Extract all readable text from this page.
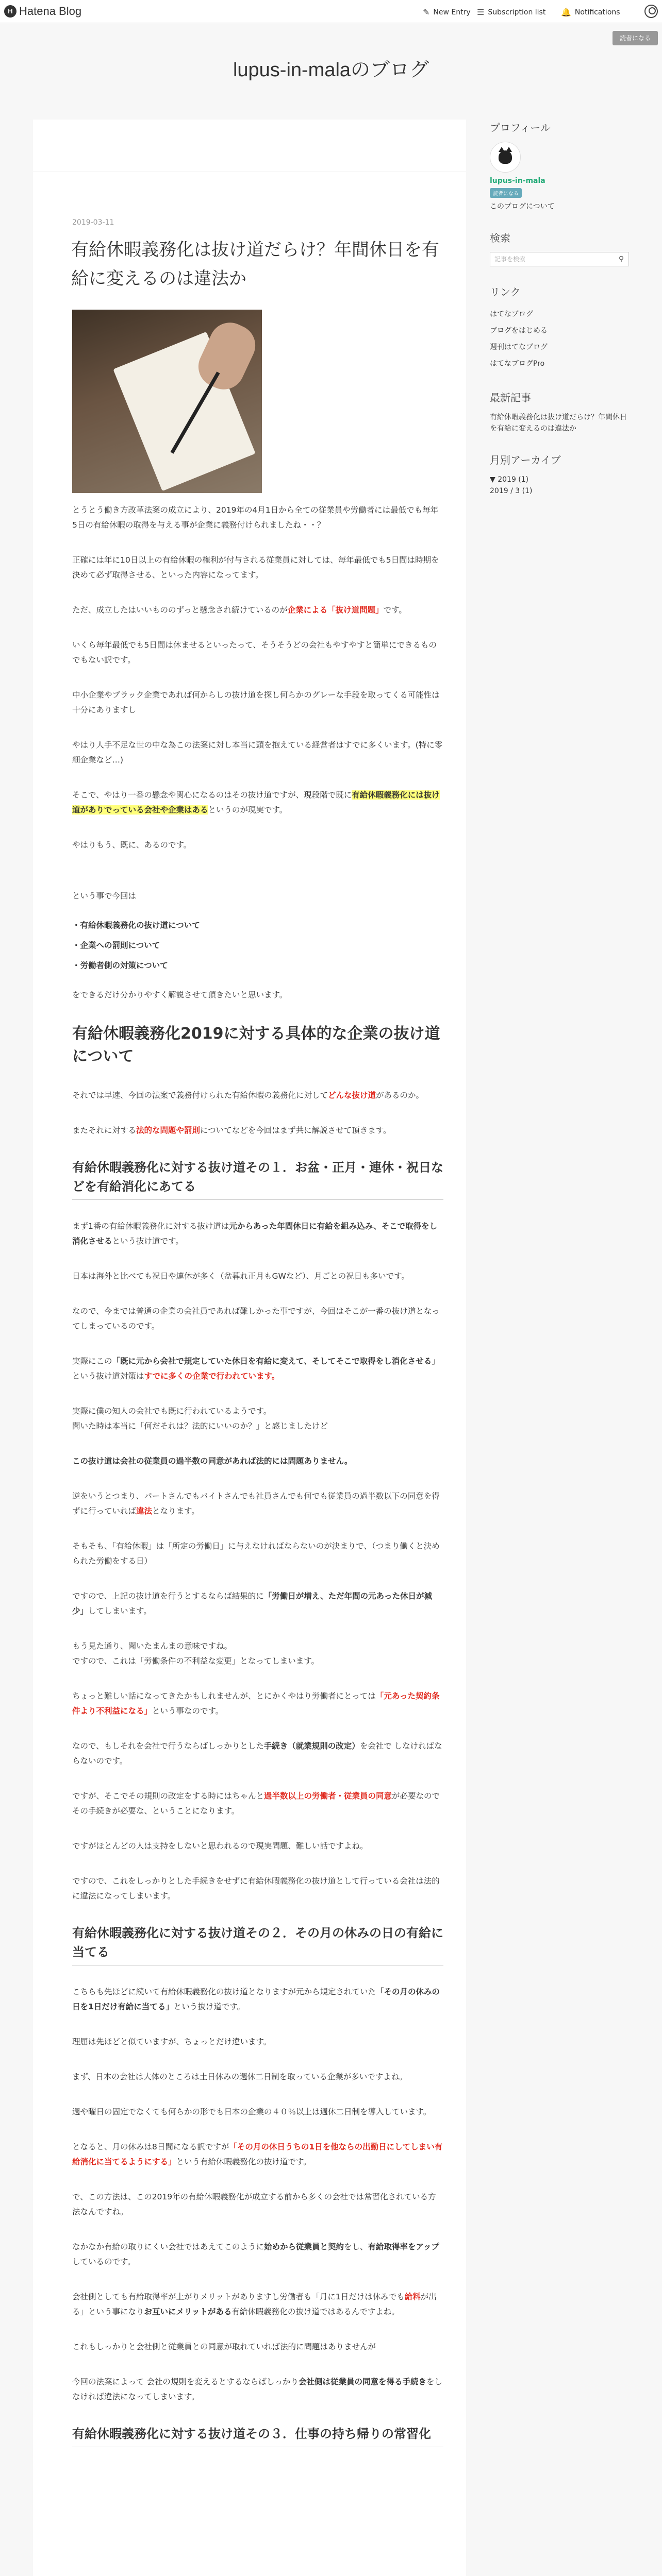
H Hatena Blog	✎ New Entry ☰ Subscription list 🔔 Notifications
読者になる
lupus-in-malaのブログ
2019-03-11
有給休暇義務化は抜け道だらけ？年間休日を有給に変えるのは違法か

とうとう働き方改革法案の成立により、2019年の4月1日から全ての従業員や労働者には最低でも毎年5日の有給休暇の取得を与える事が企業に義務付けられましたね・・？

正確には年に10日以上の有給休暇の権利が付与される従業員に対しては、毎年最低でも5日間は時期を決めて必ず取得させる、といった内容になってます。

ただ、成立したはいいもののずっと懸念され続けているのが企業による「抜け道問題」です。

いくら毎年最低でも5日間は休ませるといったって、そうそうどの会社もやすやすと簡単にできるものでもない訳です。

中小企業やブラック企業であれば何からしの抜け道を探し何らかのグレーな手段を取ってくる可能性は十分にありますし

やはり人手不足な世の中な為この法案に対し本当に頭を抱えている経営者はすでに多くいます。(特に零細企業など…)

そこで、やはり一番の懸念や関心になるのはその抜け道ですが、現段階で既に有給休暇義務化には抜け道がありでっている会社や企業はあるというのが現実です。

やはりもう、既に、あるのです。

という事で今回は

・有給休暇義務化の抜け道について

・企業への罰則について

・労働者側の対策について

をできるだけ分かりやすく解説させて頂きたいと思います。

有給休暇義務化2019に対する具体的な企業の抜け道について

それでは早速、今回の法案で義務付けられた有給休暇の義務化に対してどんな抜け道があるのか。

またそれに対する法的な問題や罰則についてなどを今回はまず共に解説させて頂きます。

有給休暇義務化に対する抜け道その１．お盆・正月・連休・祝日などを有給消化にあてる

まず1番の有給休暇義務化に対する抜け道は元からあった年間休日に有給を組み込み、そこで取得をし消化させるという抜け道です。

日本は海外と比べても祝日や連休が多く（盆暮れ正月もGWなど）、月ごとの祝日も多いです。

なので、今までは普通の企業の会社員であれば難しかった事ですが、今回はそこが一番の抜け道となってしまっているのです。

実際にこの「既に元から会社で規定していた休日を有給に変えて、そしてそこで取得をし消化させる」という抜け道対策はすでに多くの企業で行われています。

実際に僕の知人の会社でも既に行われているようです。

聞いた時は本当に「何だそれは？法的にいいのか？」と感じましたけど

この抜け道は会社の従業員の過半数の同意があれば法的には問題ありません。

逆をいうとつまり、パートさんでもバイトさんでも社員さんでも何でも従業員の過半数以下の同意を得ずに行っていれば違法となります。

そもそも、「有給休暇」は「所定の労働日」に与えなければならないのが決まりで、（つまり働くと決められた労働をする日）

ですので、上記の抜け道を行うとするならば結果的に「労働日が増え、ただ年間の元あった休日が減少」してしまいます。

もう見た通り、聞いたまんまの意味ですね。

ですので、これは「労働条件の不利益な変更」となってしまいます。

ちょっと難しい話になってきたかもしれませんが、とにかくやはり労働者にとっては「元あった契約条件より不利益になる」という事なのです。

なので、もしそれを会社で行うならばしっかりとした手続き（就業規則の改定）を会社で しなければならないのです。

ですが、そこでその規則の改定をする時にはちゃんと過半数以上の労働者・従業員の同意が必要なのでその手続きが必要な、ということになります。

ですがほとんどの人は支持をしないと思われるので現実問題、難しい話ですよね。

ですので、これをしっかりとした手続きをせずに有給休暇義務化の抜け道として行っている会社は法的に違法になってしまいます。

有給休暇義務化に対する抜け道その２．その月の休みの日の有給に当てる

こちらも先ほどに続いて有給休暇義務化の抜け道となりますが元から規定されていた「その月の休みの日を1日だけ有給に当てる」という抜け道です。

理屈は先ほどと似ていますが、ちょっとだけ違います。

まず、日本の会社は大体のところは土日休みの週休二日制を取っている企業が多いですよね。

週や曜日の固定でなくても何らかの形でも日本の企業の４０％以上は週休二日制を導入しています。

となると、月の休みは8日間になる訳ですが「その月の休日うちの1日を他ならの出勤日にしてしまい有給消化に当てるようにする」という有給休暇義務化の抜け道です。

で、この方法は、この2019年の有給休暇義務化が成立する前から多くの会社では常習化されている方法なんですね。

なかなか有給の取りにくい会社ではあえてこのように始めから従業員と契約をし、有給取得率をアップしているのです。

会社側としても有給取得率が上がりメリットがありますし労働者も「月に1日だけは休みでも給料が出る」という事になりお互いにメリットがある有給休暇義務化の抜け道ではあるんですよね。

これもしっかりと会社側と従業員との同意が取れていれば法的に問題はありませんが

今回の法案によって 会社の規則を変えるとするならばしっかり会社側は従業員の同意を得る手続きをしなければ違法になってしまいます。

有給休暇義務化に対する抜け道その３．仕事の持ち帰りの常習化
プロフィール
lupus-in-mala
読者になる
このブログについて
検索
記事を検索	⚲
リンク
はてなブログ
ブログをはじめる
週刊はてなブログ
はてなブログPro
最新記事
有給休暇義務化は抜け道だらけ？年間休日を有給に変えるのは違法か
月別アーカイブ
▼ 2019 (1)
2019 / 3 (1)
